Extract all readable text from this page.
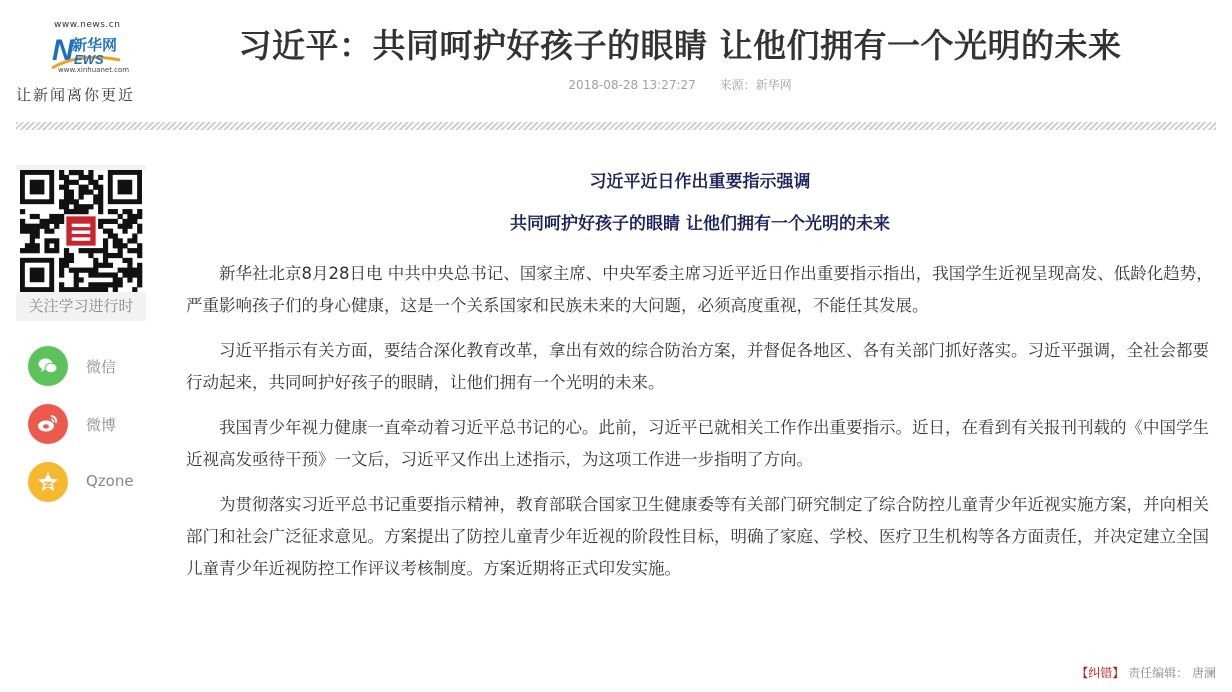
www.news.cn
N
新华网
EWS
www.xinhuanet.com
让新闻离你更近
习近平：共同呵护好孩子的眼睛 让他们拥有一个光明的未来
2018-08-28 13:27:27 来源：新华网
关注学习进行时
微信
微博
Qzone
习近平近日作出重要指示强调
共同呵护好孩子的眼睛 让他们拥有一个光明的未来

新华社北京8月28日电 中共中央总书记、国家主席、中央军委主席习近平近日作出重要指示指出，我国学生近视呈现高发、低龄化趋势，严重影响孩子们的身心健康，这是一个关系国家和民族未来的大问题，必须高度重视，不能任其发展。

习近平指示有关方面，要结合深化教育改革，拿出有效的综合防治方案，并督促各地区、各有关部门抓好落实。习近平强调，全社会都要行动起来，共同呵护好孩子的眼睛，让他们拥有一个光明的未来。

我国青少年视力健康一直牵动着习近平总书记的心。此前，习近平已就相关工作作出重要指示。近日，在看到有关报刊刊载的《中国学生近视高发亟待干预》一文后，习近平又作出上述指示，为这项工作进一步指明了方向。

为贯彻落实习近平总书记重要指示精神，教育部联合国家卫生健康委等有关部门研究制定了综合防控儿童青少年近视实施方案，并向相关部门和社会广泛征求意见。方案提出了防控儿童青少年近视的阶段性目标，明确了家庭、学校、医疗卫生机构等各方面责任，并决定建立全国儿童青少年近视防控工作评议考核制度。方案近期将正式印发实施。

【纠错】 责任编辑： 唐澜
